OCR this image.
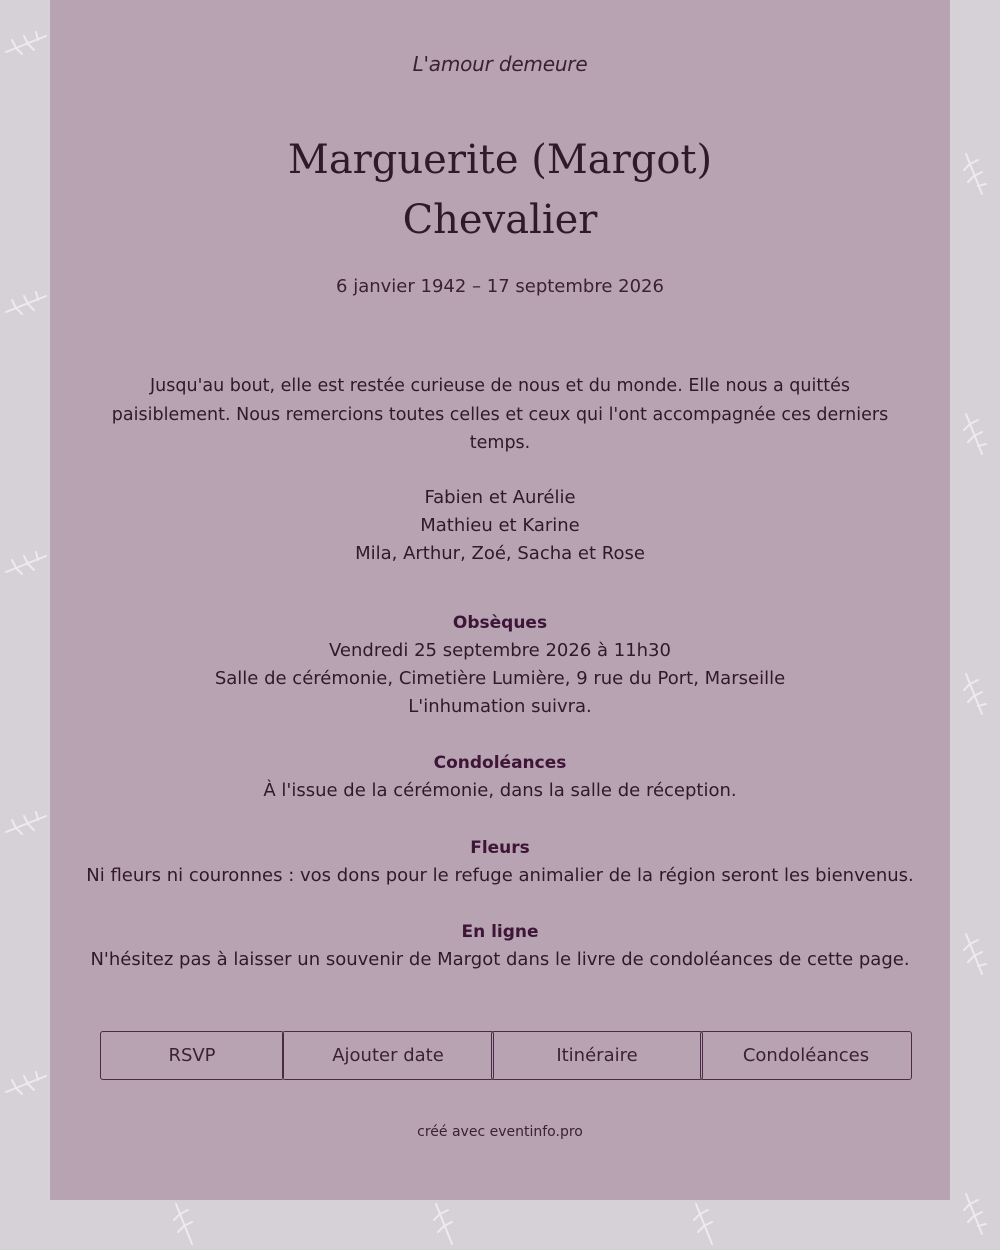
L'amour demeure
Marguerite (Margot)
Chevalier
6 janvier 1942 – 17 septembre 2026

Jusqu'au bout, elle est restée curieuse de nous et du monde. Elle nous a quittés paisiblement. Nous remercions toutes celles et ceux qui l'ont accompagnée ces derniers temps.

Fabien et Aurélie
Mathieu et Karine
Mila, Arthur, Zoé, Sacha et Rose
Obsèques
Vendredi 25 septembre 2026 à 11h30
Salle de cérémonie, Cimetière Lumière, 9 rue du Port, Marseille
L'inhumation suivra.
Condoléances
À l'issue de la cérémonie, dans la salle de réception.
Fleurs
Ni fleurs ni couronnes : vos dons pour le refuge animalier de la région seront les bienvenus.
En ligne
N'hésitez pas à laisser un souvenir de Margot dans le livre de condoléances de cette page.
RSVP	Ajouter date	Itinéraire	Condoléances
créé avec eventinfo.pro
